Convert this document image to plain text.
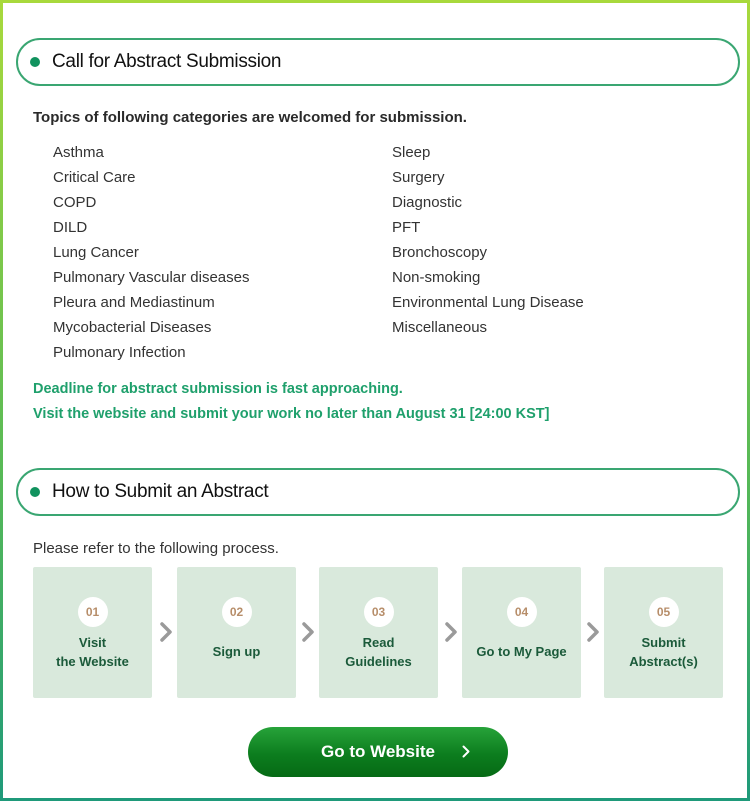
Call for Abstract Submission
Topics of following categories are welcomed for submission.
Asthma
Critical Care
COPD
DILD
Lung Cancer
Pulmonary Vascular diseases
Pleura and Mediastinum
Mycobacterial Diseases
Pulmonary Infection
Sleep
Surgery
Diagnostic
PFT
Bronchoscopy
Non-smoking
Environmental Lung Disease
Miscellaneous
Deadline for abstract submission is fast approaching.
Visit the website and submit your work no later than August 31 [24:00 KST]
How to Submit an Abstract
Please refer to the following process.
01
Visit
the Website
02
Sign up
03
Read
Guidelines
04
Go to My Page
05
Submit
Abstract(s)
Go to Website
